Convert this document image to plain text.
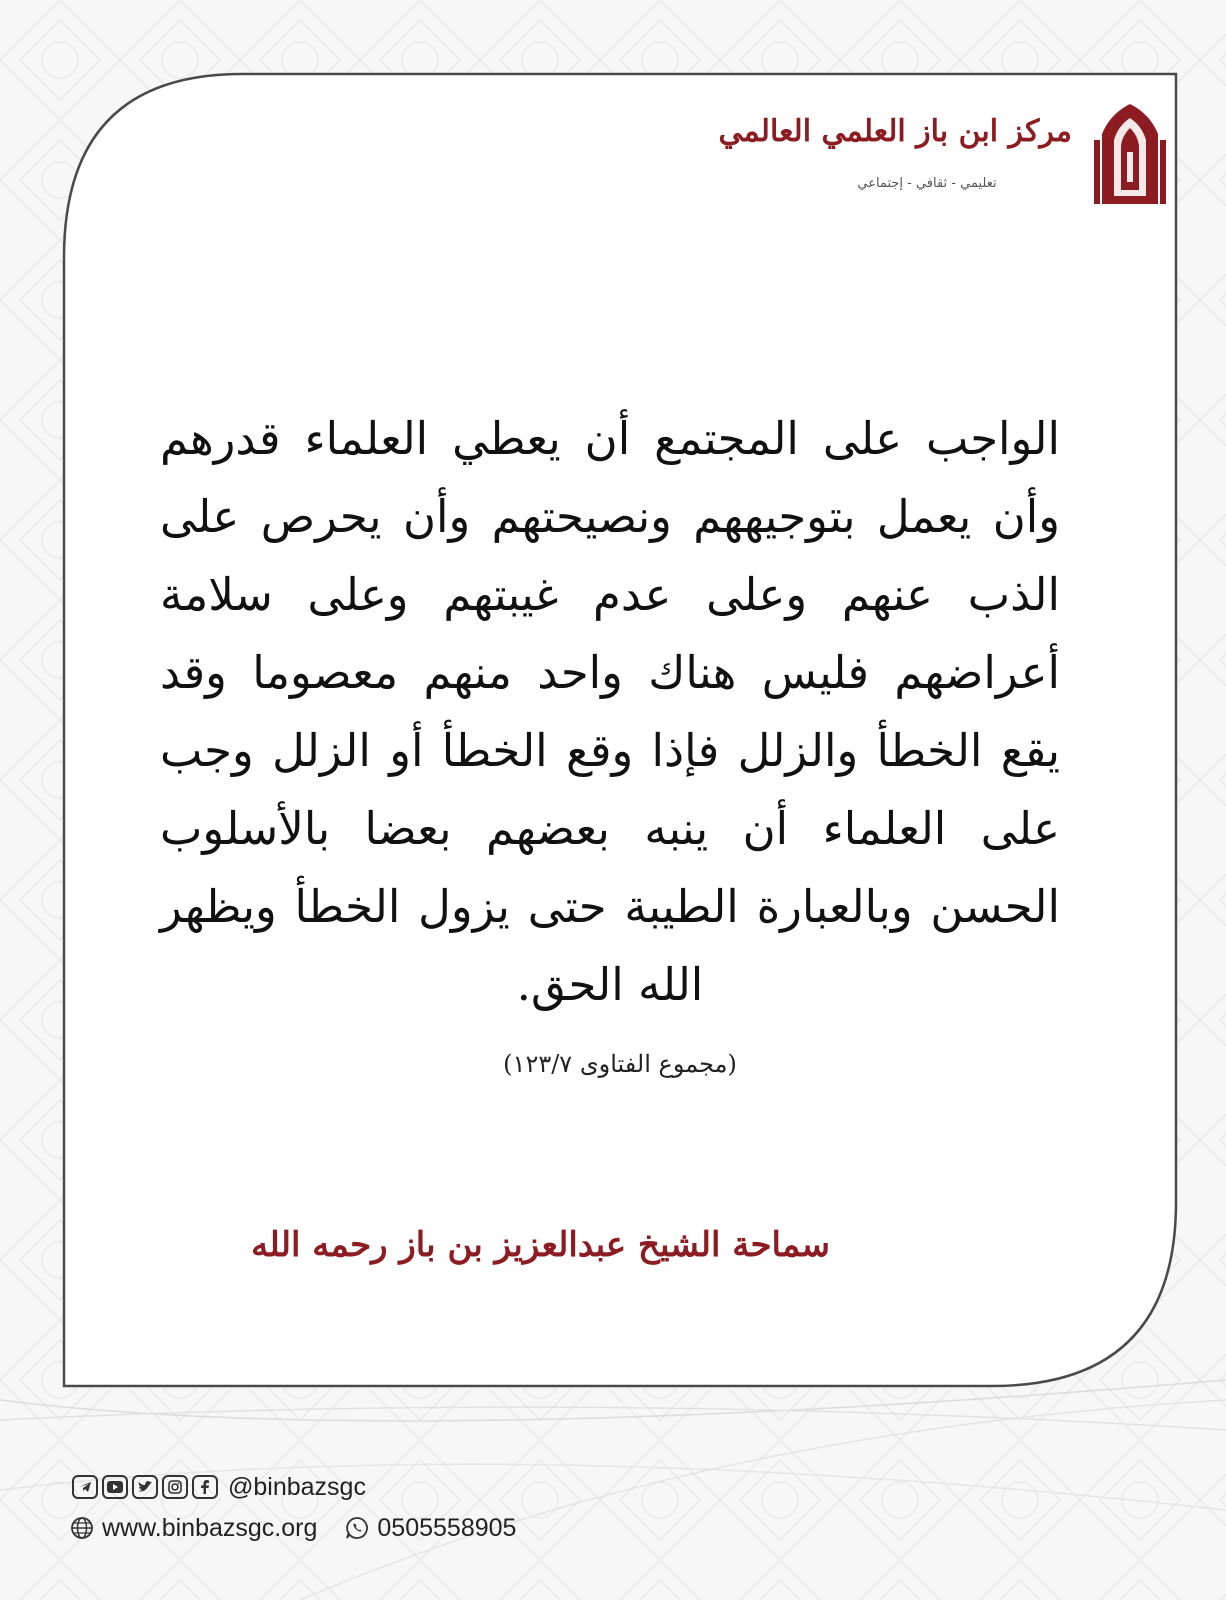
مركز ابن باز العلمي العالمي
تعليمي - ثقافي - إجتماعي
الواجب على المجتمع أن يعطي العلماء قدرهم وأن يعمل بتوجيههم ونصيحتهم وأن يحرص على الذب عنهم وعلى عدم غيبتهم وعلى سلامة أعراضهم فليس هناك واحد منهم معصوما وقد يقع الخطأ والزلل فإذا وقع الخطأ أو الزلل وجب على العلماء أن ينبه بعضهم بعضا بالأسلوب الحسن وبالعبارة الطيبة حتى يزول الخطأ ويظهر الله الحق.
(مجموع الفتاوى ١٢٣/٧)
سماحة الشيخ عبدالعزيز بن باز رحمه الله
@binbazsgc
www.binbazsgc.org 0505558905
